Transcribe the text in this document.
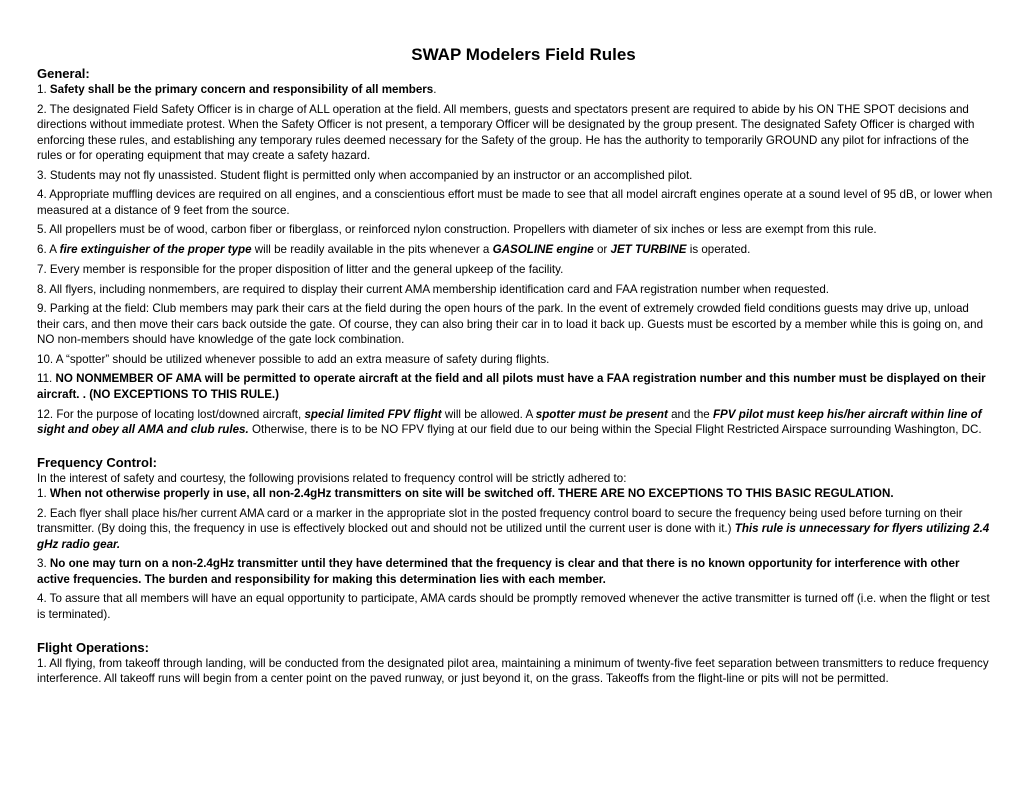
SWAP Modelers Field Rules
General:
1. Safety shall be the primary concern and responsibility of all members.
2. The designated Field Safety Officer is in charge of ALL operation at the field. All members, guests and spectators present are required to abide by his ON THE SPOT decisions and directions without immediate protest. When the Safety Officer is not present, a temporary Officer will be designated by the group present. The designated Safety Officer is charged with enforcing these rules, and establishing any temporary rules deemed necessary for the Safety of the group. He has the authority to temporarily GROUND any pilot for infractions of the rules or for operating equipment that may create a safety hazard.
3. Students may not fly unassisted. Student flight is permitted only when accompanied by an instructor or an accomplished pilot.
4. Appropriate muffling devices are required on all engines, and a conscientious effort must be made to see that all model aircraft engines operate at a sound level of 95 dB, or lower when measured at a distance of 9 feet from the source.
5. All propellers must be of wood, carbon fiber or fiberglass, or reinforced nylon construction. Propellers with diameter of six inches or less are exempt from this rule.
6. A fire extinguisher of the proper type will be readily available in the pits whenever a GASOLINE engine or JET TURBINE is operated.
7. Every member is responsible for the proper disposition of litter and the general upkeep of the facility.
8. All flyers, including nonmembers, are required to display their current AMA membership identification card and FAA registration number when requested.
9. Parking at the field: Club members may park their cars at the field during the open hours of the park. In the event of extremely crowded field conditions guests may drive up, unload their cars, and then move their cars back outside the gate. Of course, they can also bring their car in to load it back up. Guests must be escorted by a member while this is going on, and NO non-members should have knowledge of the gate lock combination.
10. A “spotter” should be utilized whenever possible to add an extra measure of safety during flights.
11. NO NONMEMBER OF AMA will be permitted to operate aircraft at the field and all pilots must have a FAA registration number and this number must be displayed on their aircraft. . (NO EXCEPTIONS TO THIS RULE.)
12. For the purpose of locating lost/downed aircraft, special limited FPV flight will be allowed. A spotter must be present and the FPV pilot must keep his/her aircraft within line of sight and obey all AMA and club rules. Otherwise, there is to be NO FPV flying at our field due to our being within the Special Flight Restricted Airspace surrounding Washington, DC.
Frequency Control:
In the interest of safety and courtesy, the following provisions related to frequency control will be strictly adhered to:
1. When not otherwise properly in use, all non-2.4gHz transmitters on site will be switched off. THERE ARE NO EXCEPTIONS TO THIS BASIC REGULATION.
2. Each flyer shall place his/her current AMA card or a marker in the appropriate slot in the posted frequency control board to secure the frequency being used before turning on their transmitter. (By doing this, the frequency in use is effectively blocked out and should not be utilized until the current user is done with it.) This rule is unnecessary for flyers utilizing 2.4 gHz radio gear.
3. No one may turn on a non-2.4gHz transmitter until they have determined that the frequency is clear and that there is no known opportunity for interference with other active frequencies. The burden and responsibility for making this determination lies with each member.
4. To assure that all members will have an equal opportunity to participate, AMA cards should be promptly removed whenever the active transmitter is turned off (i.e. when the flight or test is terminated).
Flight Operations:
1. All flying, from takeoff through landing, will be conducted from the designated pilot area, maintaining a minimum of twenty-five feet separation between transmitters to reduce frequency interference. All takeoff runs will begin from a center point on the paved runway, or just beyond it, on the grass. Takeoffs from the flight-line or pits will not be permitted.
